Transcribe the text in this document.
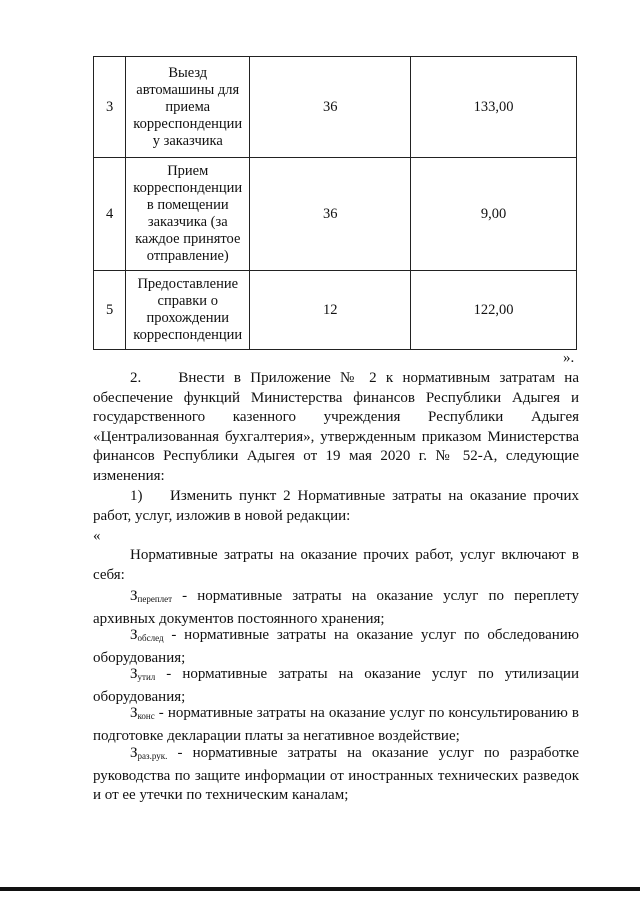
3	Выезд автомашины для приема корреспонденции у заказчика	36	133,00
4	Прием корреспонденции в помещении заказчика (за каждое принятое отправление)	36	9,00
5	Предоставление справки о прохождении корреспонденции	12	122,00
».

2.    Внести в Приложение № 2 к нормативным затратам на обеспечение функций Министерства финансов Республики Адыгея и государственного казенного учреждения Республики Адыгея «Централизованная бухгалтерия», утвержденным приказом Министерства финансов Республики Адыгея от 19 мая 2020 г. № 52-А, следующие изменения:

1)    Изменить пункт 2 Нормативные затраты на оказание прочих работ, услуг, изложив в новой редакции:

«

Нормативные затраты на оказание прочих работ, услуг включают в себя:

$З_{переплет}$ - нормативные затраты на оказание услуг по переплету архивных документов постоянного хранения;

$З_{обслед}$ - нормативные затраты на оказание услуг по обследованию оборудования;

$З_{утил}$ - нормативные затраты на оказание услуг по утилизации оборудования;

$З_{конс}$ - нормативные затраты на оказание услуг по консультированию в подготовке декларации платы за негативное воздействие;

$З_{раз.рук.}$ - нормативные затраты на оказание услуг по разработке руководства по защите информации от иностранных технических разведок и от ее утечки по техническим каналам;
